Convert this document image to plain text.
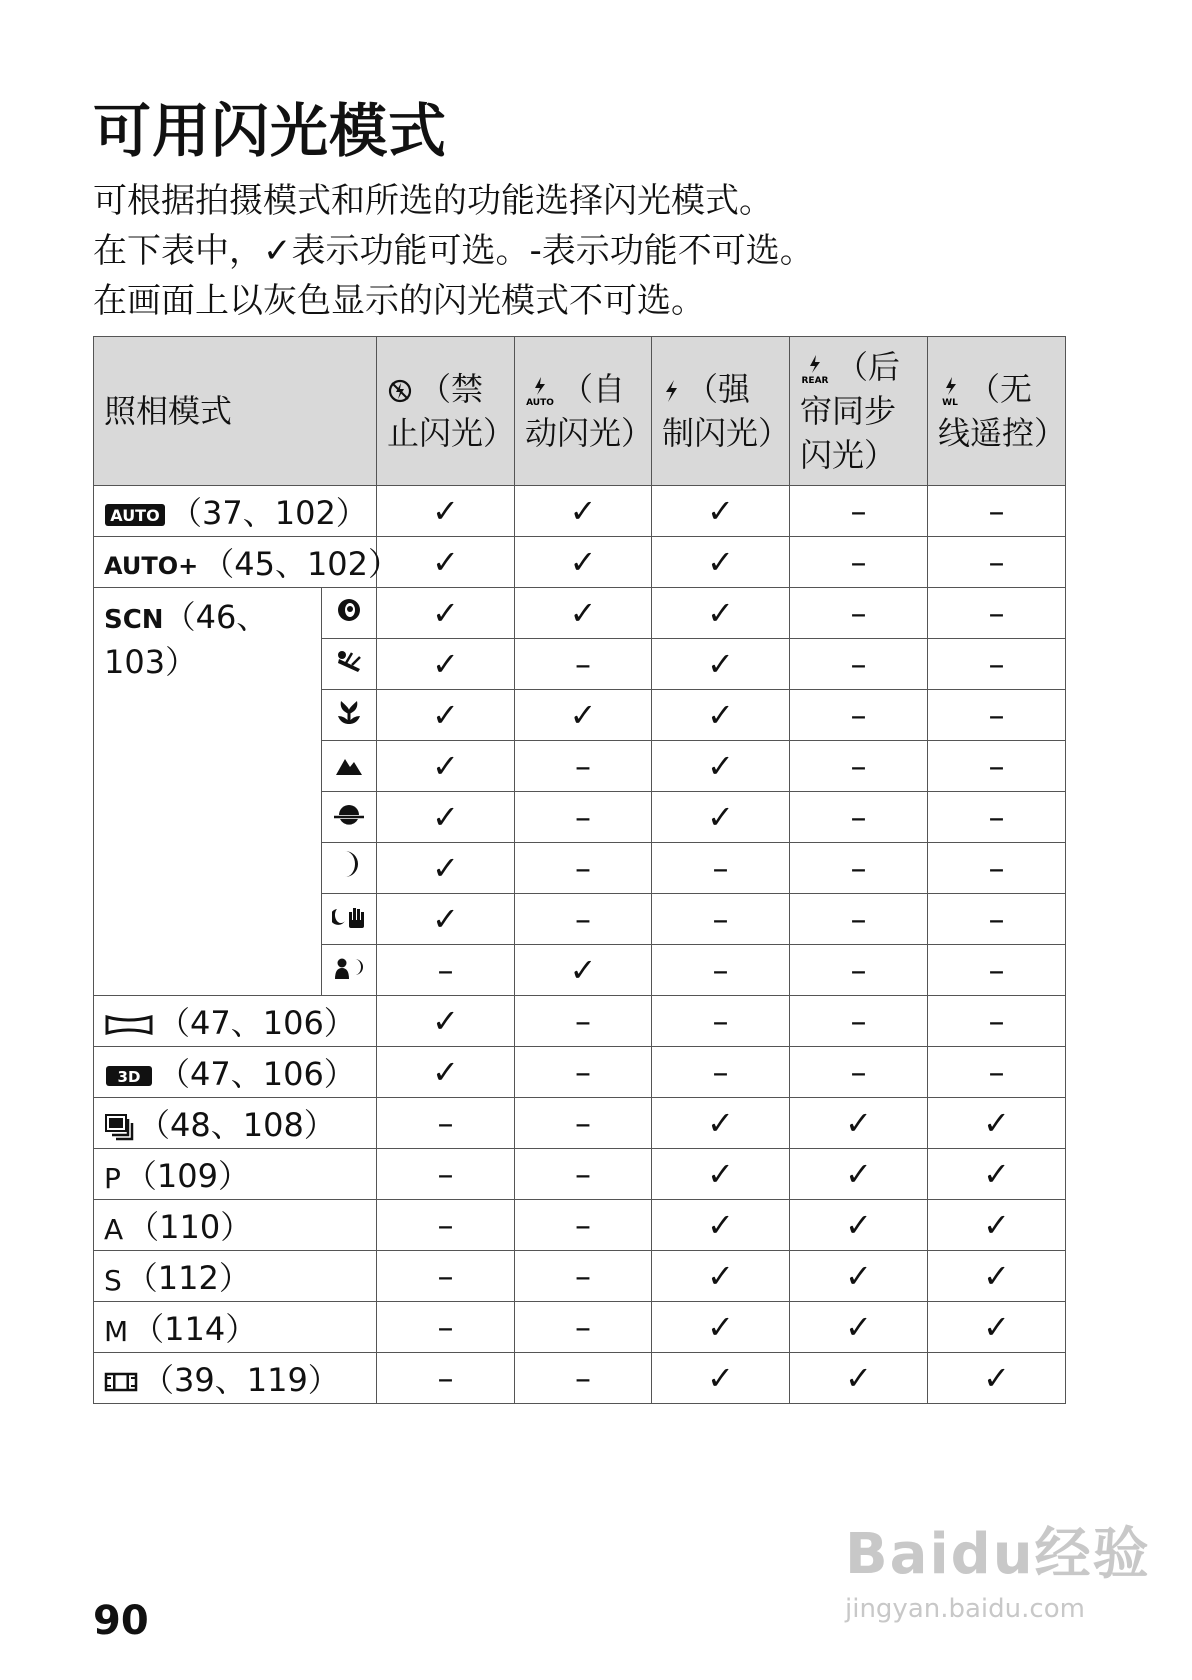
可用闪光模式
可根据拍摄模式和所选的功能选择闪光模式。
在下表中，✓表示功能可选。-表示功能不可选。
在画面上以灰色显示的闪光模式不可选。
照相模式		（禁止闪光）	AUTO （自动闪光）	（强制闪光）	REAR （后帘同步闪光）	WL （无线遥控）

AUTO （37、102）		✓	✓	✓	–	–
AUTO+ （45、102）		✓	✓	✓	–	–
SCN（46、103）		✓	✓	✓	–	–
	✓	–	✓	–	–
	✓	✓	✓	–	–
	✓	–	✓	–	–
	✓	–	✓	–	–
	✓	–	–	–	–
	✓	–	–	–	–
	–	✓	–	–	–
（47、106）		✓	–	–	–	–

3D （47、106）		✓	–	–	–	–
（48、108）		–	–	✓	✓	✓
P （109）		–	–	✓	✓	✓
A （110）		–	–	✓	✓	✓
S （112）		–	–	✓	✓	✓
M （114）		–	–	✓	✓	✓
（39、119）		–	–	✓	✓	✓
90
Baidu经验
jingyan.baidu.com
